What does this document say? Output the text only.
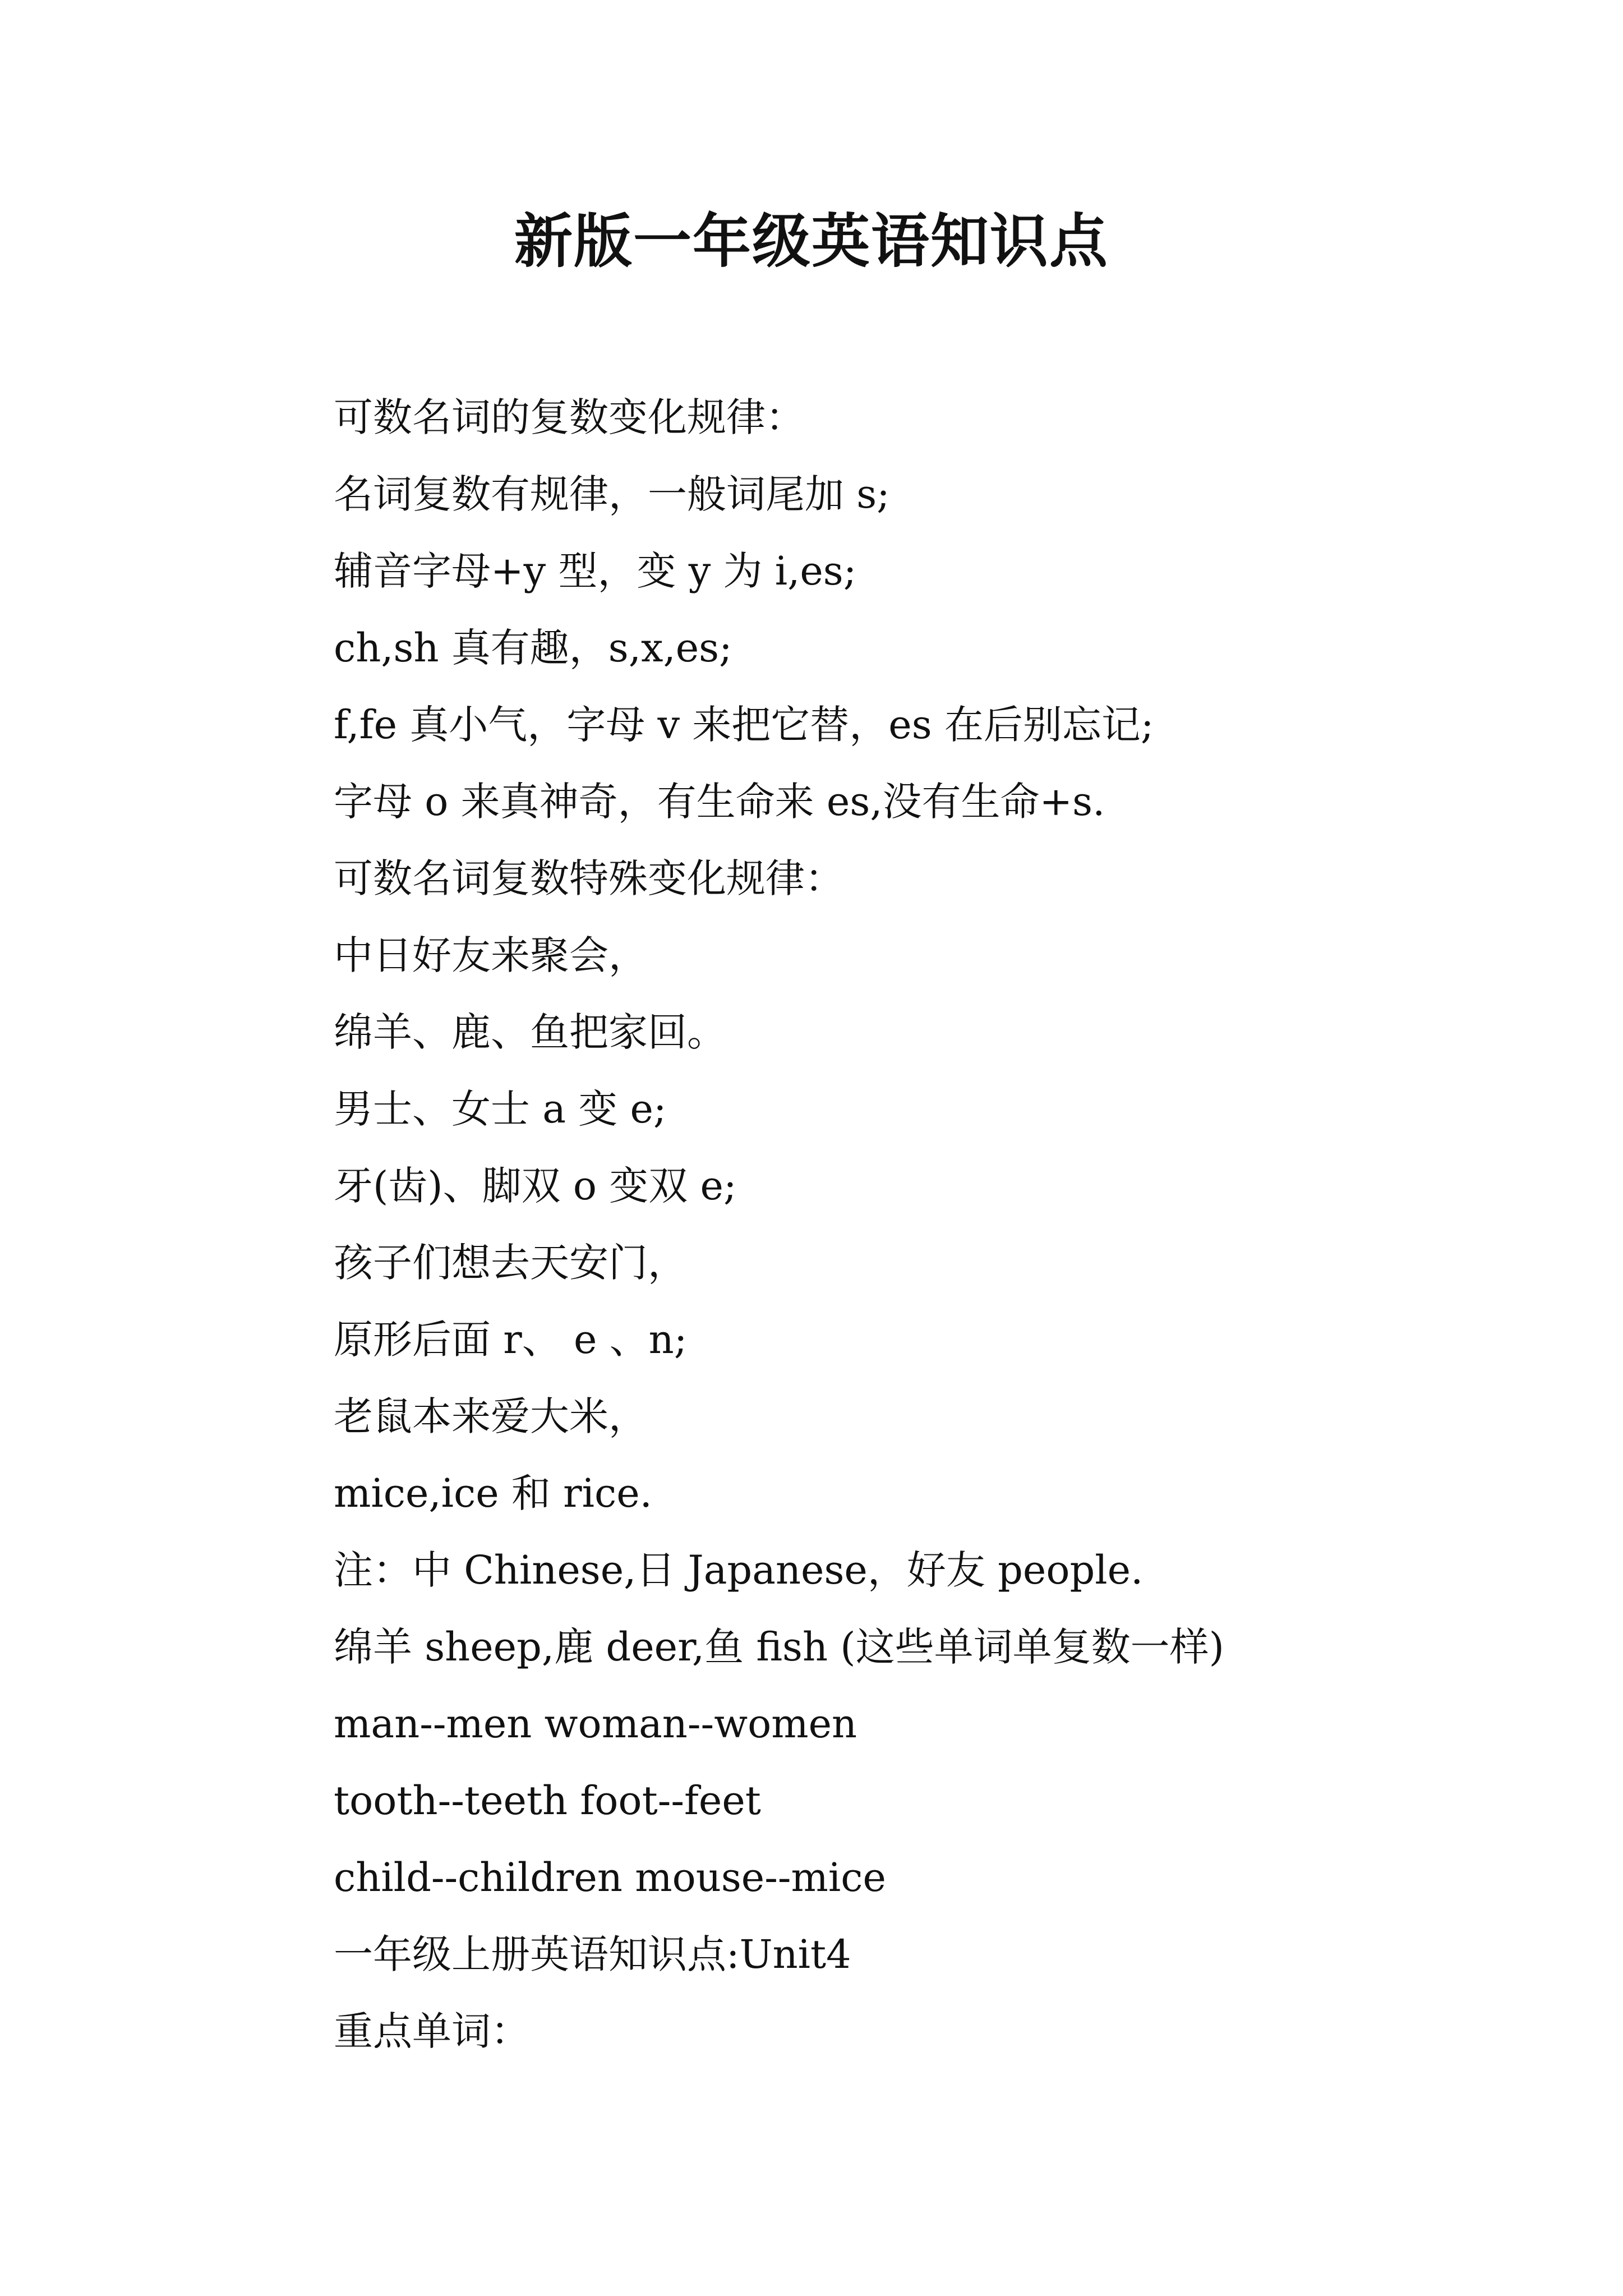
新版一年级英语知识点
可数名词的复数变化规律：
名词复数有规律，一般词尾加 s;
辅音字母+y 型，变 y 为 i,es;
ch,sh 真有趣，s,x,es;
f,fe 真小气，字母 v 来把它替，es 在后别忘记;
字母 o 来真神奇，有生命来 es,没有生命+s.
可数名词复数特殊变化规律：
中日好友来聚会，
绵羊、鹿、鱼把家回。
男士、女士 a 变 e;
牙(齿)、脚双 o 变双 e;
孩子们想去天安门，
原形后面 r、 e 、n;
老鼠本来爱大米，
mice,ice 和 rice.
注：中 Chinese,日 Japanese，好友 people.
绵羊 sheep,鹿 deer,鱼 fish (这些单词单复数一样)
man--men woman--women
tooth--teeth foot--feet
child--children mouse--mice
一年级上册英语知识点:Unit4
重点单词：
